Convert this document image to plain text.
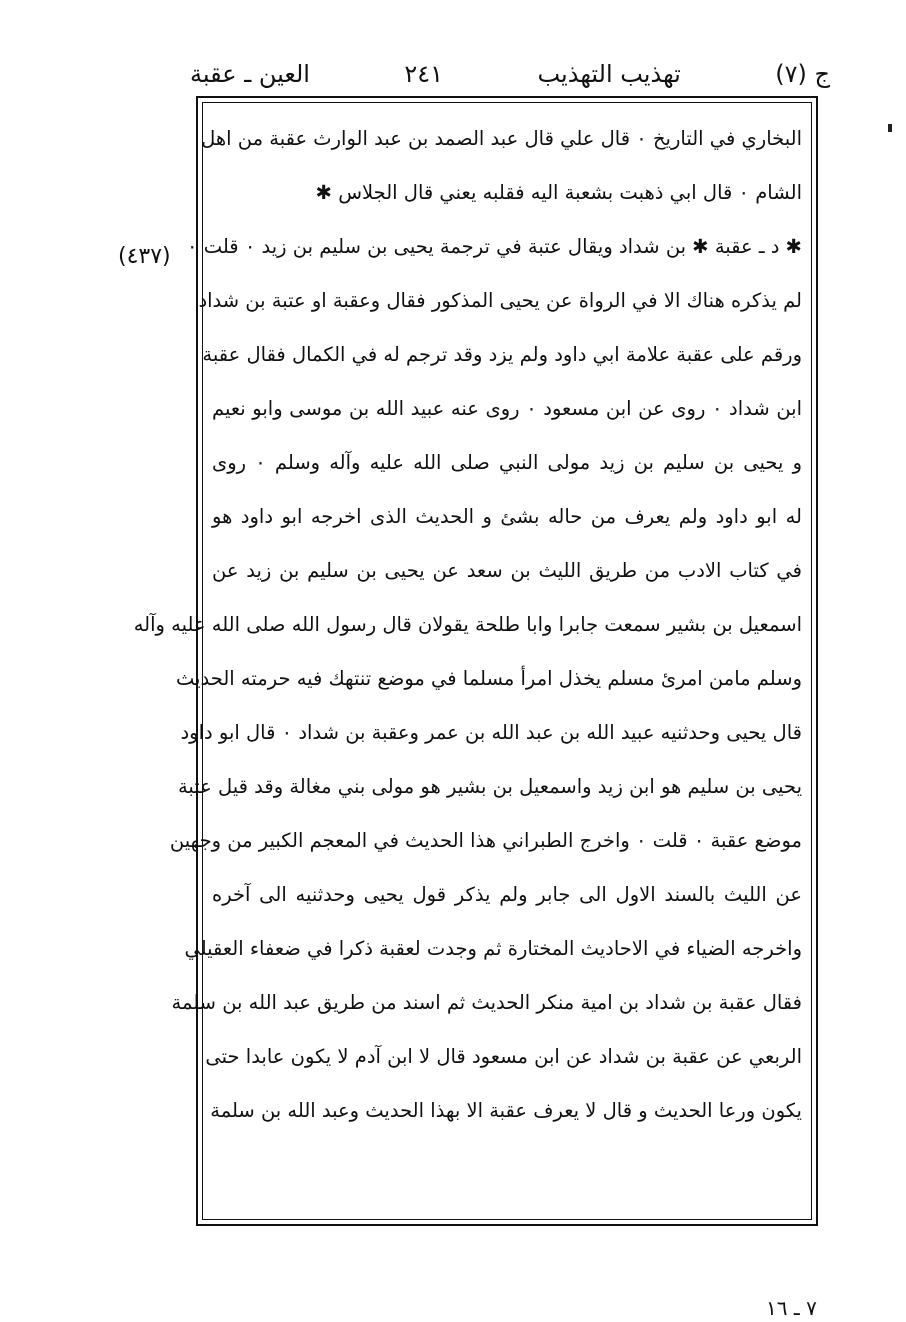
ج (٧)
تهذيب التهذيب
٢٤١
العين ـ عقبة
(٤٣٧)
البخاري في التاريخ ٠ قال علي قال عبد الصمد بن عبد الوارث عقبة من اهل
الشام ٠ قال ابي ذهبت بشعبة اليه فقلبه يعني قال الجلاس ✱
✱ د ـ عقبة ✱ بن شداد ويقال عتبة في ترجمة يحيى بن سليم بن زيد ٠ قلت ٠
لم يذكره هناك الا في الرواة عن يحيى المذكور فقال وعقبة او عتبة بن شداد
ورقم على عقبة علامة ابي داود ولم يزد وقد ترجم له في الكمال فقال عقبة
ابن شداد ٠ روى عن ابن مسعود ٠ روى عنه عبيد الله بن موسى وابو نعيم
و يحيى بن سليم بن زيد مولى النبي صلى الله عليه وآله وسلم ٠ روى
له ابو داود ولم يعرف من حاله بشئ و الحديث الذى اخرجه ابو داود هو
في كتاب الادب من طريق الليث بن سعد عن يحيى بن سليم بن زيد عن
اسمعيل بن بشير سمعت جابرا وابا طلحة يقولان قال رسول الله صلى الله عليه وآله
وسلم مامن امرئ مسلم يخذل امرأ مسلما في موضع تنتهك فيه حرمته الحديث
قال يحيى وحدثنيه عبيد الله بن عبد الله بن عمر وعقبة بن شداد ٠ قال ابو داود
يحيى بن سليم هو ابن زيد واسمعيل بن بشير هو مولى بني مغالة وقد قيل عتبة
موضع عقبة ٠ قلت ٠ واخرج الطبراني هذا الحديث في المعجم الكبير من وجهين
عن الليث بالسند الاول الى جابر ولم يذكر قول يحيى وحدثنيه الى آخره
واخرجه الضياء في الاحاديث المختارة ثم وجدت لعقبة ذكرا في ضعفاء العقيلي
فقال عقبة بن شداد بن امية منكر الحديث ثم اسند من طريق عبد الله بن سلمة
الربعي عن عقبة بن شداد عن ابن مسعود قال لا ابن آدم لا يكون عابدا حتى
يكون ورعا الحديث و قال لا يعرف عقبة الا بهذا الحديث وعبد الله بن سلمة
٧ ـ ١٦
